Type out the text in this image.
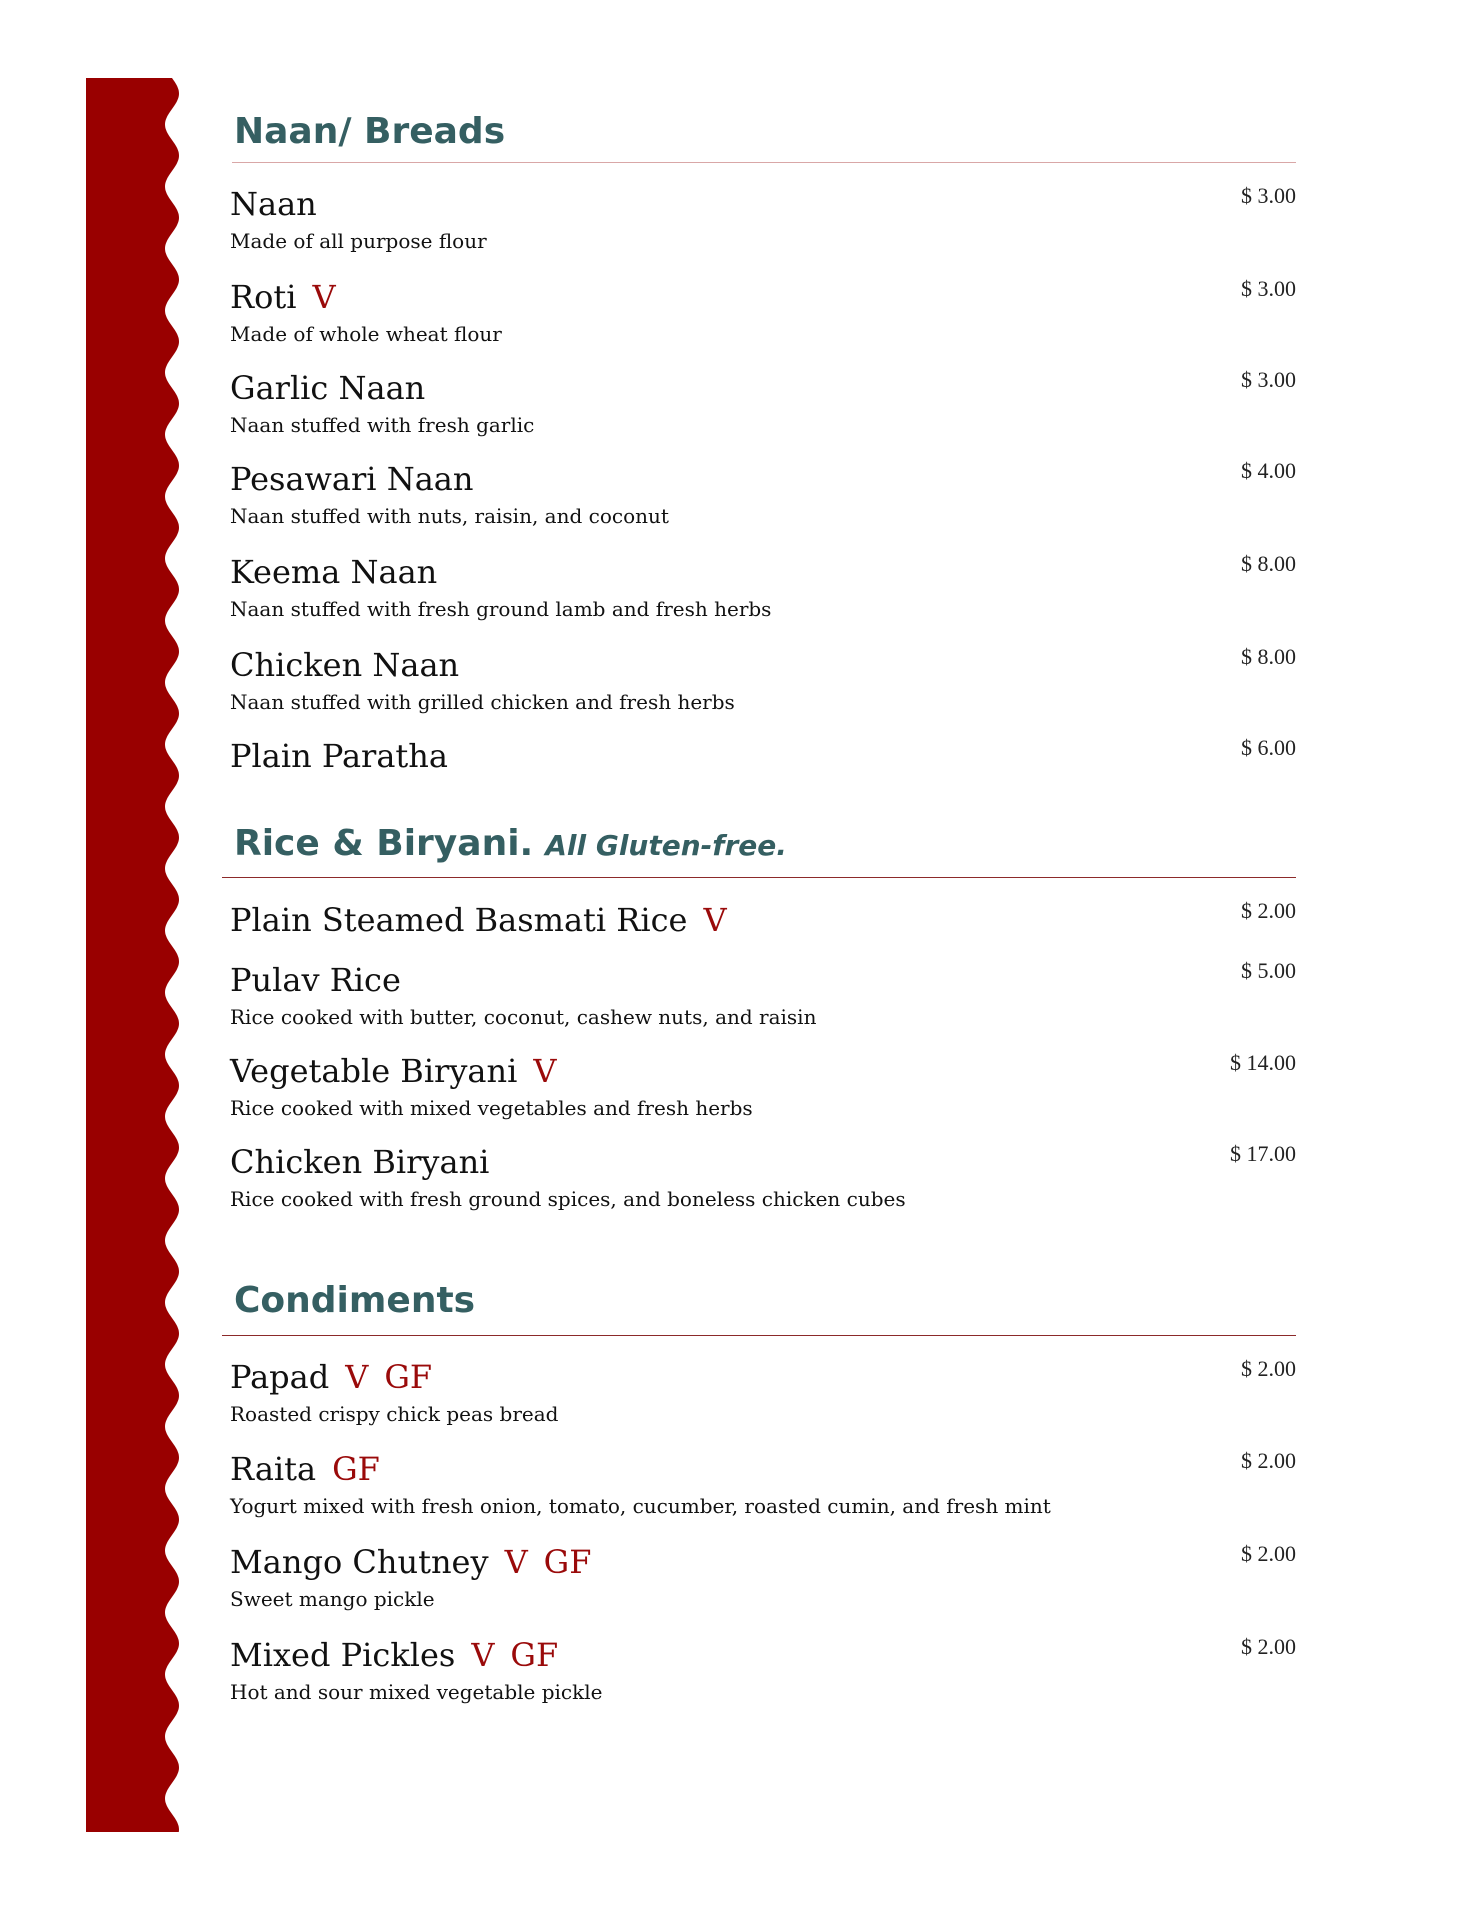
Naan/ Breads
Naan
Made of all purpose flour
$ 3.00
Roti V
Made of whole wheat flour
$ 3.00
Garlic Naan
Naan stuffed with fresh garlic
$ 3.00
Pesawari Naan
Naan stuffed with nuts, raisin, and coconut
$ 4.00
Keema Naan
Naan stuffed with fresh ground lamb and fresh herbs
$ 8.00
Chicken Naan
Naan stuffed with grilled chicken and fresh herbs
$ 8.00
Plain Paratha	$ 6.00
Rice & Biryani. All Gluten-free.
Plain Steamed Basmati Rice V	$ 2.00
Pulav Rice
Rice cooked with butter, coconut, cashew nuts, and raisin
$ 5.00
Vegetable Biryani V
Rice cooked with mixed vegetables and fresh herbs
$ 14.00
Chicken Biryani
Rice cooked with fresh ground spices, and boneless chicken cubes
$ 17.00
Condiments
Papad V GF
Roasted crispy chick peas bread
$ 2.00
Raita GF
Yogurt mixed with fresh onion, tomato, cucumber, roasted cumin, and fresh mint
$ 2.00
Mango Chutney V GF
Sweet mango pickle
$ 2.00
Mixed Pickles V GF
Hot and sour mixed vegetable pickle
$ 2.00
